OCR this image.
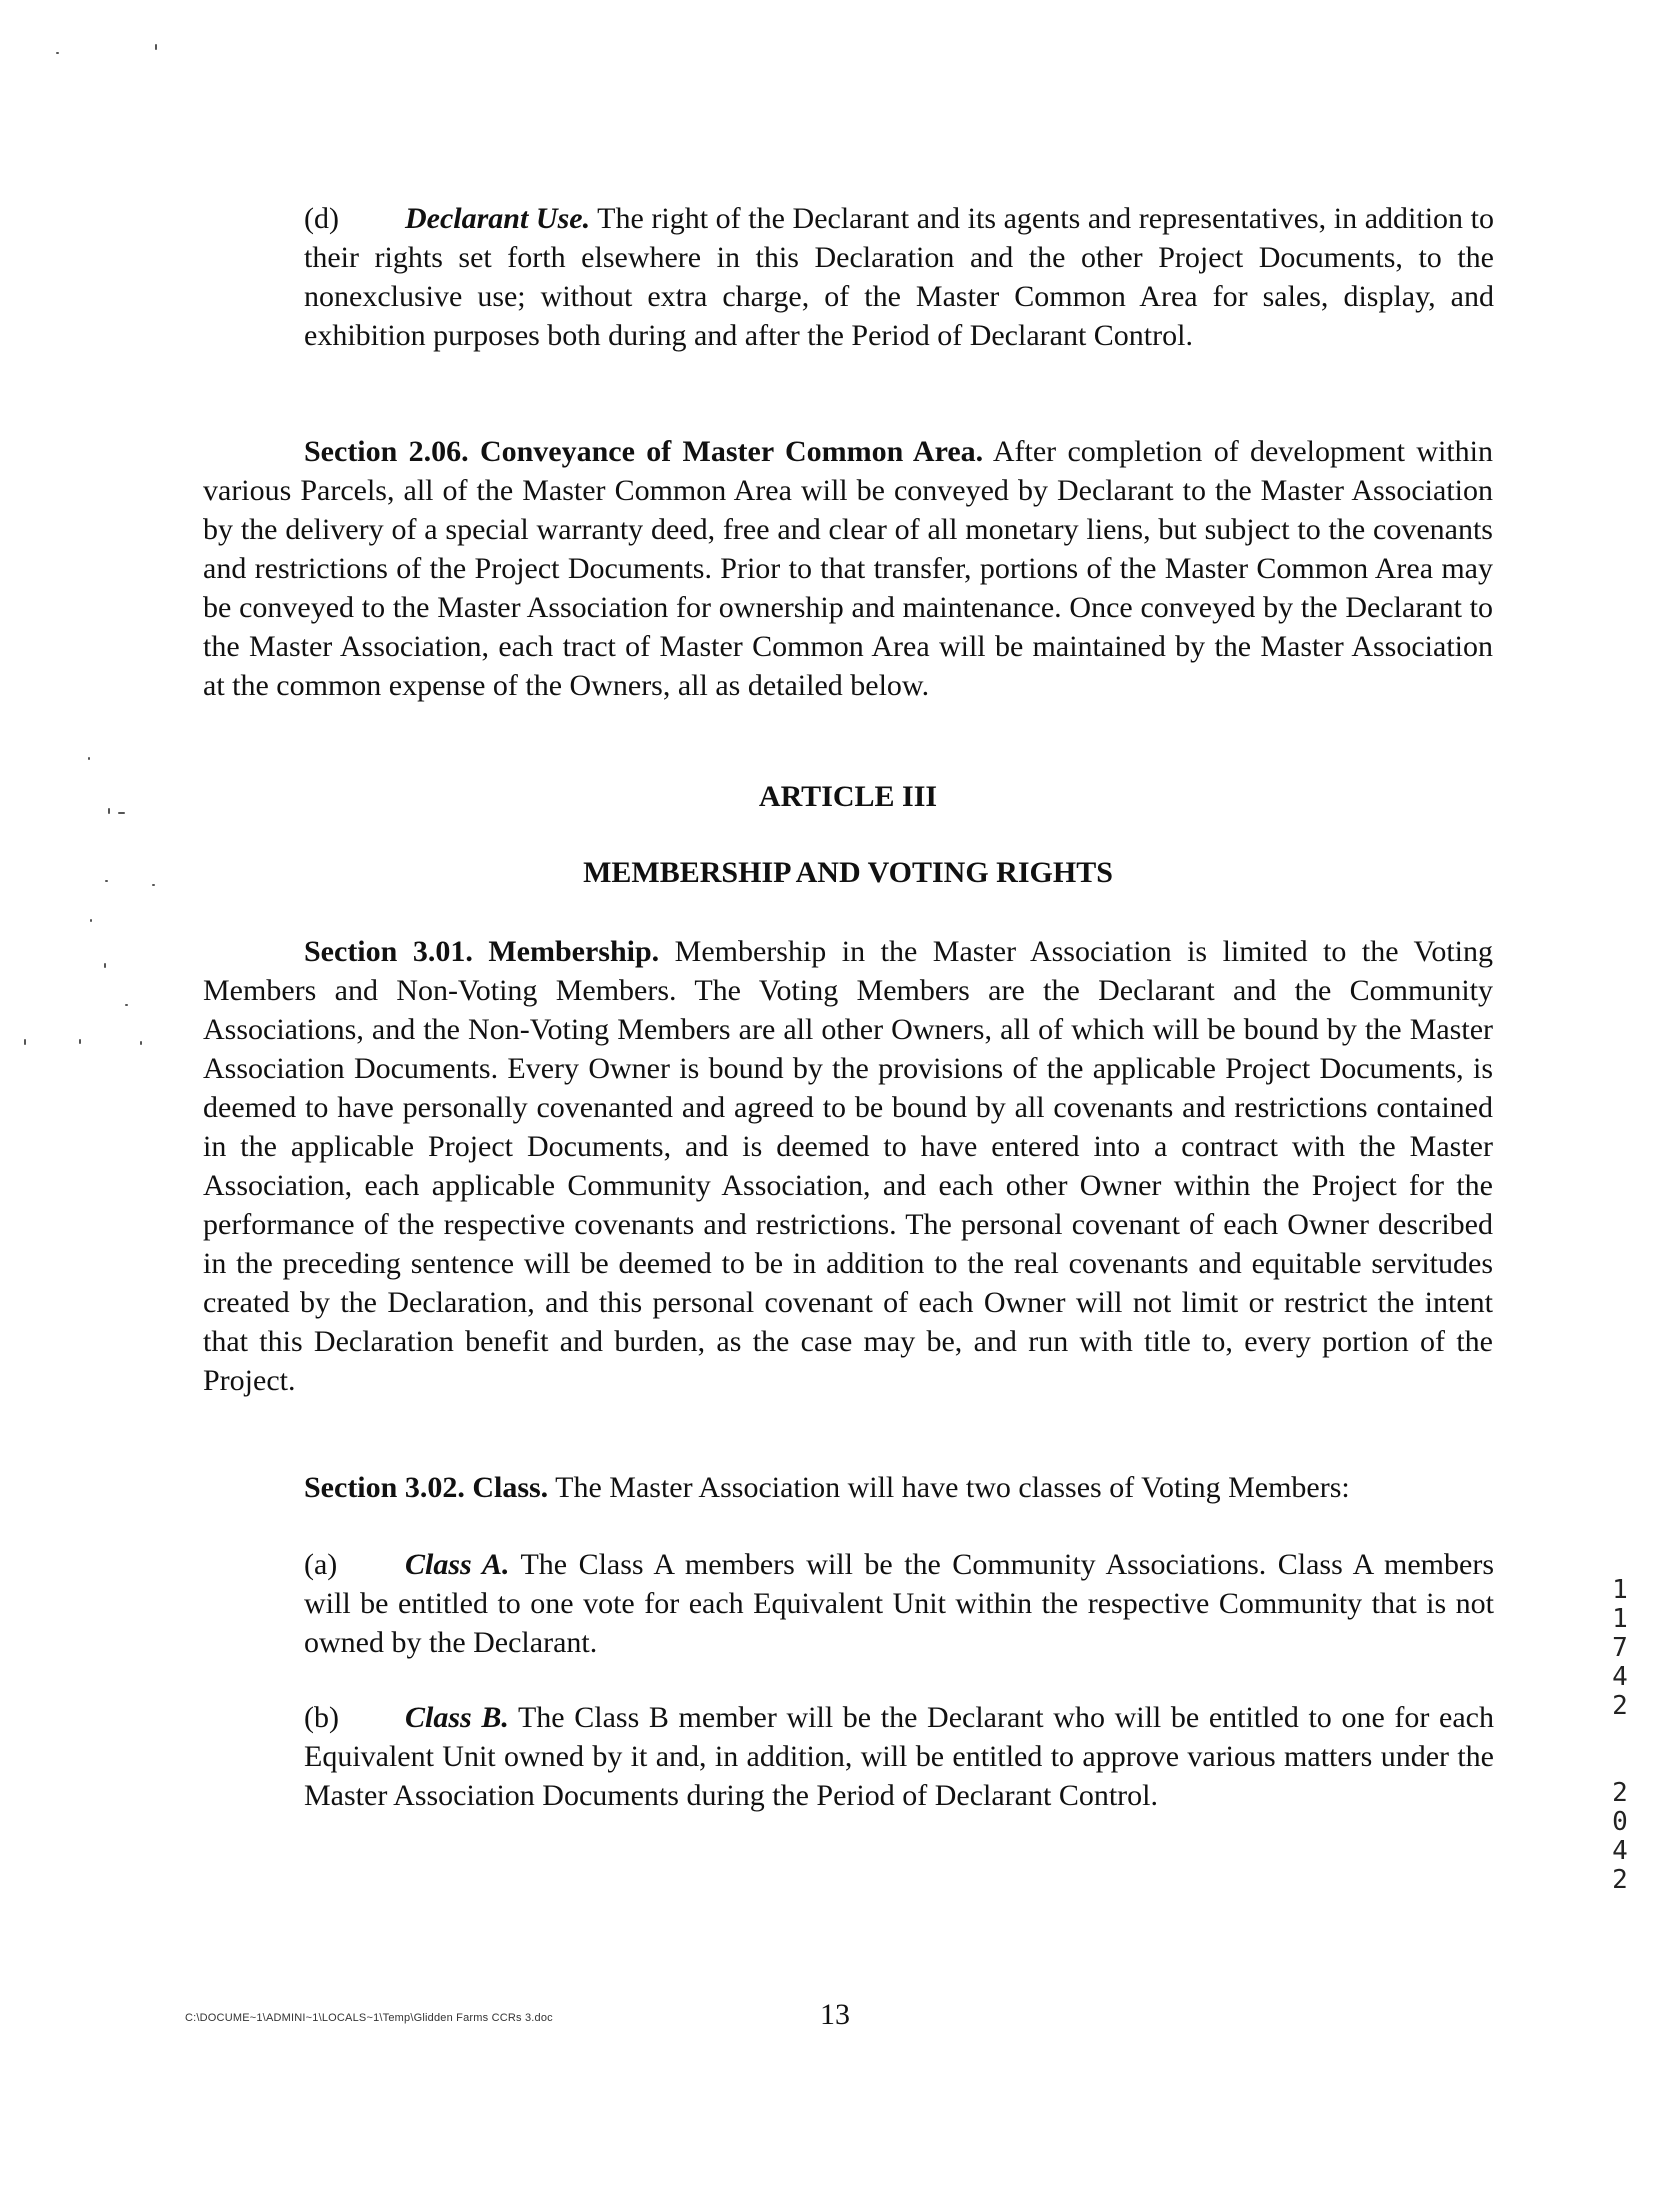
(d) Declarant Use. The right of the Declarant and its agents and representatives, in addition to their rights set forth elsewhere in this Declaration and the other Project Documents, to the nonexclusive use; without extra charge, of the Master Common Area for sales, display, and exhibition purposes both during and after the Period of Declarant Control.

Section 2.06. Conveyance of Master Common Area. After completion of development within various Parcels, all of the Master Common Area will be conveyed by Declarant to the Master Association by the delivery of a special warranty deed, free and clear of all monetary liens, but subject to the covenants and restrictions of the Project Documents. Prior to that transfer, portions of the Master Common Area may be conveyed to the Master Association for ownership and maintenance. Once conveyed by the Declarant to the Master Association, each tract of Master Common Area will be maintained by the Master Association at the common expense of the Owners, all as detailed below.

ARTICLE III

MEMBERSHIP AND VOTING RIGHTS

Section 3.01. Membership. Membership in the Master Association is limited to the Voting Members and Non-Voting Members. The Voting Members are the Declarant and the Community Associations, and the Non-Voting Members are all other Owners, all of which will be bound by the Master Association Documents. Every Owner is bound by the provisions of the applicable Project Documents, is deemed to have personally covenanted and agreed to be bound by all covenants and restrictions contained in the applicable Project Documents, and is deemed to have entered into a contract with the Master Association, each applicable Community Association, and each other Owner within the Project for the performance of the respective covenants and restrictions. The personal covenant of each Owner described in the preceding sentence will be deemed to be in addition to the real covenants and equitable servitudes created by the Declaration, and this personal covenant of each Owner will not limit or restrict the intent that this Declaration benefit and burden, as the case may be, and run with title to, every portion of the Project.

Section 3.02. Class. The Master Association will have two classes of Voting Members:

(a) Class A. The Class A members will be the Community Associations. Class A members will be entitled to one vote for each Equivalent Unit within the respective Community that is not owned by the Declarant.

(b) Class B. The Class B member will be the Declarant who will be entitled to one for each Equivalent Unit owned by it and, in addition, will be entitled to approve various matters under the Master Association Documents during the Period of Declarant Control.

1
1
7
4
2
2
0
4
2
C:\DOCUME~1\ADMINI~1\LOCALS~1\Temp\Glidden Farms CCRs 3.doc	13
